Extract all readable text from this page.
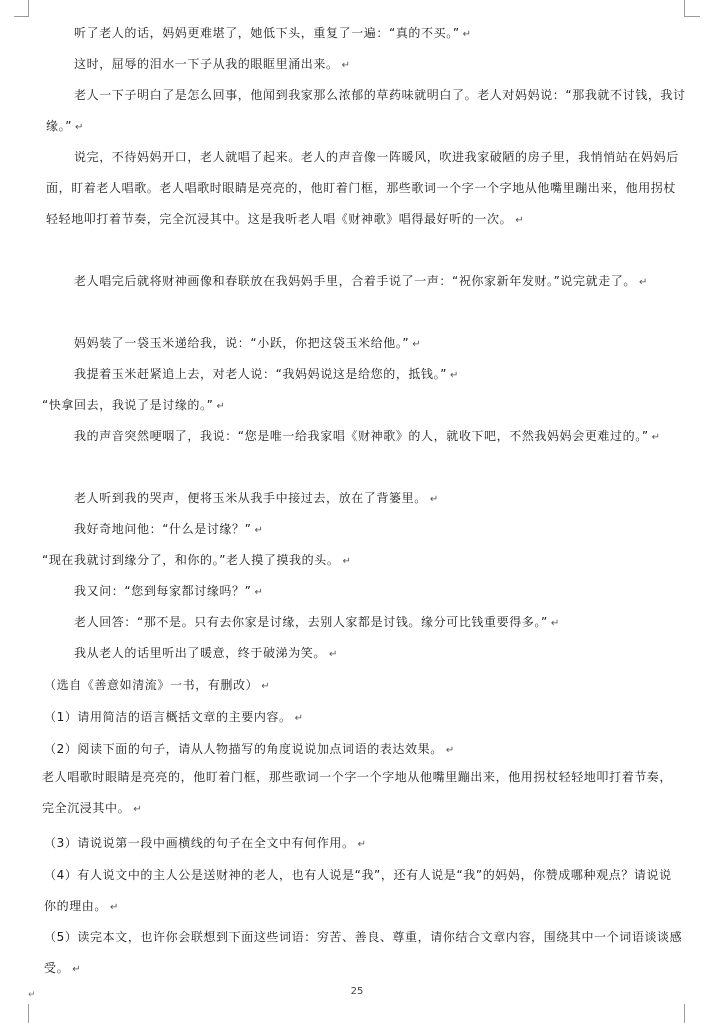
听了老人的话，妈妈更难堪了，她低下头，重复了一遍：“真的不买。” ↵
这时，屈辱的泪水一下子从我的眼眶里涌出来。 ↵
老人一下子明白了是怎么回事，他闻到我家那么浓郁的草药味就明白了。老人对妈妈说：“那我就不讨钱，我讨缘。” ↵
说完，不待妈妈开口，老人就唱了起来。老人的声音像一阵暖风，吹进我家破陋的房子里，我悄悄站在妈妈后面，盯着老人唱歌。老人唱歌时眼睛是亮亮的，他盯着门框，那些歌词一个字一个字地从他嘴里蹦出来，他用拐杖轻轻地叩打着节奏，完全沉浸其中。这是我听老人唱《财神歌》唱得最好听的一次。 ↵
老人唱完后就将财神画像和春联放在我妈妈手里，合着手说了一声：“祝你家新年发财。”说完就走了。 ↵
妈妈装了一袋玉米递给我，说：“小跃，你把这袋玉米给他。” ↵
我提着玉米赶紧追上去，对老人说：“我妈妈说这是给您的，抵钱。” ↵
“快拿回去，我说了是讨缘的。” ↵
我的声音突然哽咽了，我说：“您是唯一给我家唱《财神歌》的人，就收下吧，不然我妈妈会更难过的。” ↵
老人听到我的哭声，便将玉米从我手中接过去，放在了背篓里。 ↵
我好奇地问他：“什么是讨缘？” ↵
“现在我就讨到缘分了，和你的。”老人摸了摸我的头。 ↵
我又问：“您到每家都讨缘吗？” ↵
老人回答：“那不是。只有去你家是讨缘，去别人家都是讨钱。缘分可比钱重要得多。” ↵
我从老人的话里听出了暖意，终于破涕为笑。 ↵
（选自《善意如清流》一书，有删改） ↵
（1）请用简洁的语言概括文章的主要内容。 ↵
（2）阅读下面的句子，请从人物描写的角度说说加点词语的表达效果。 ↵
老人唱歌时眼睛是亮亮的，他盯着门框，那些歌词一个字一个字地从他嘴里蹦出来，他用拐杖轻轻地叩打着节奏，完全沉浸其中。 ↵
（3）请说说第一段中画横线的句子在全文中有何作用。 ↵
（4）有人说文中的主人公是送财神的老人，也有人说是“我”，还有人说是“我”的妈妈，你赞成哪种观点？请说说你的理由。 ↵
（5）读完本文，也许你会联想到下面这些词语：穷苦、善良、尊重，请你结合文章内容，围绕其中一个词语谈谈感受。 ↵
↵	25
